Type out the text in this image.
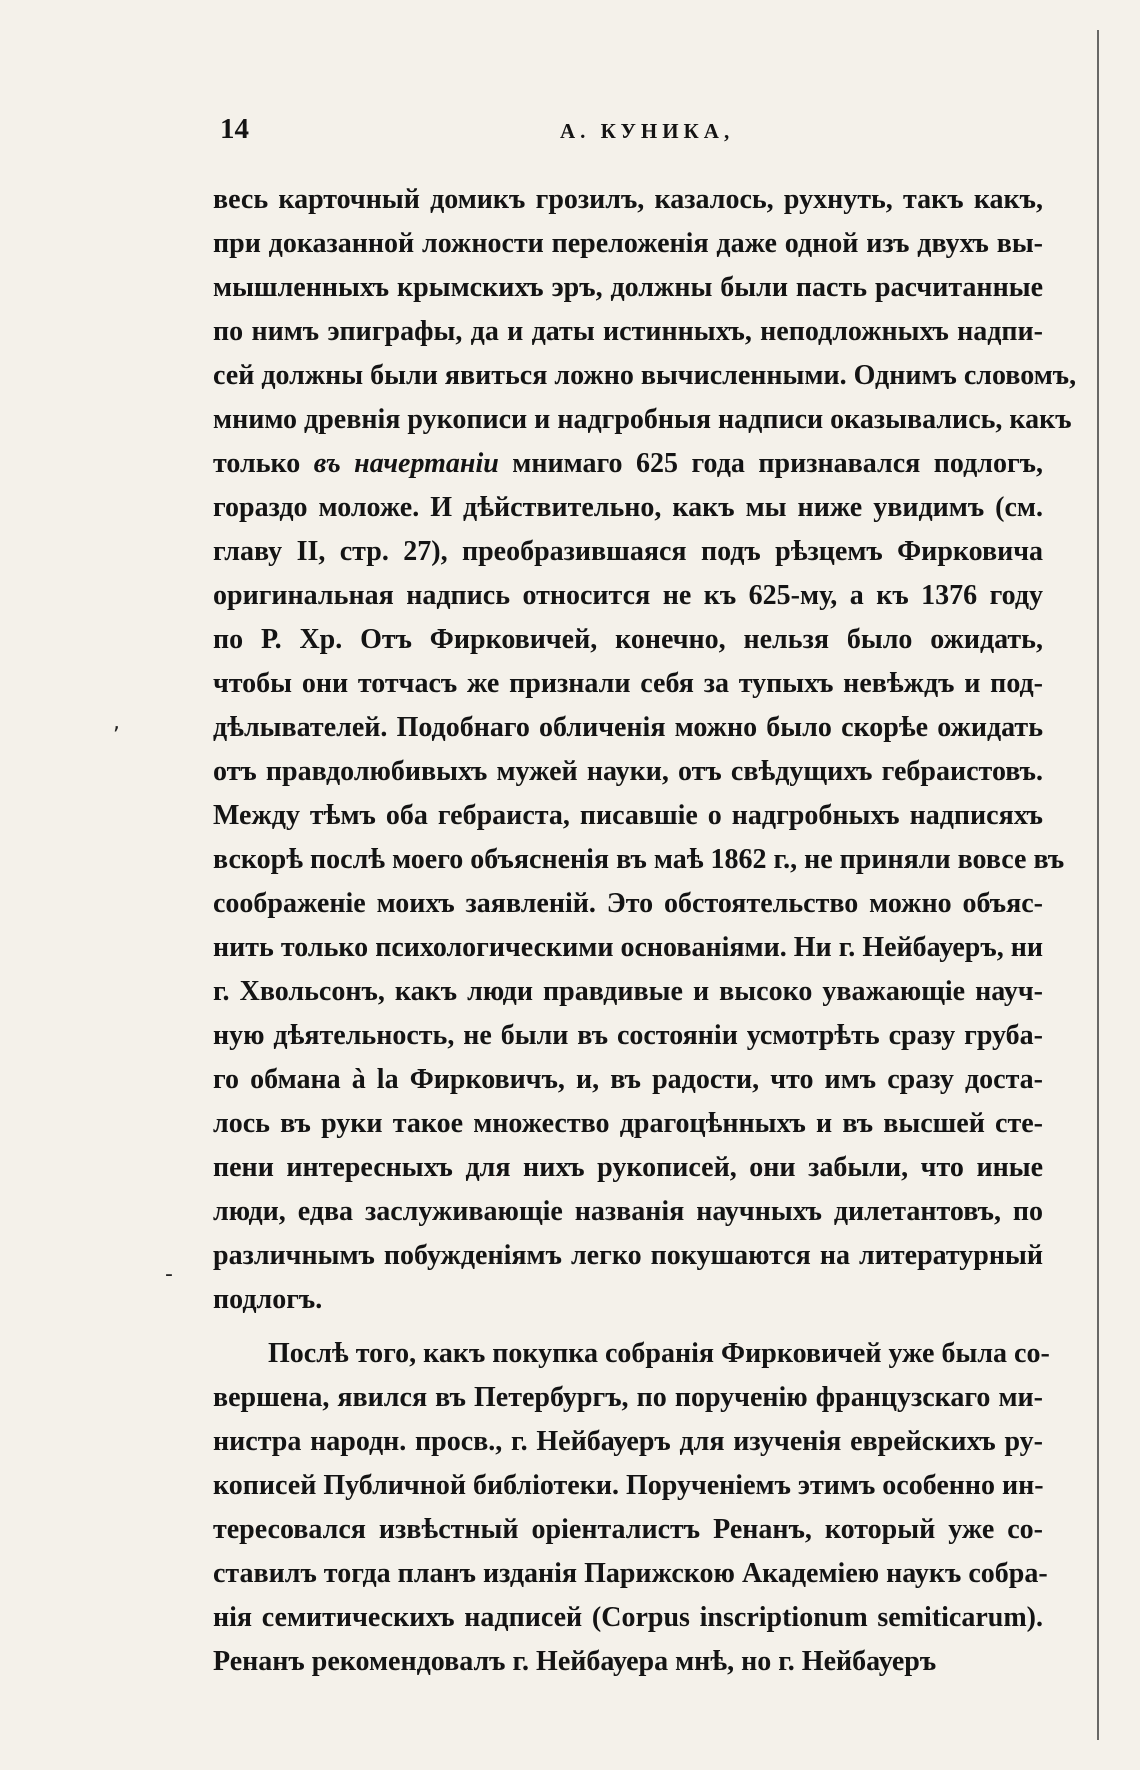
,
-
14	А. КУНИКА,
весь карточный домикъ грозилъ, казалось, рухнуть, такъ какъ,
при доказанной ложности переложенія даже одной изъ двухъ вы-
мышленныхъ крымскихъ эръ, должны были пасть расчитанные
по нимъ эпиграфы, да и даты истинныхъ, неподложныхъ надпи-
сей должны были явиться ложно вычисленными. Однимъ словомъ,
мнимо древнія рукописи и надгробныя надписи оказывались, какъ
только въ начертаніи мнимаго 625 года признавался подлогъ,
гораздо моложе. И дѣйствительно, какъ мы ниже увидимъ (см.
главу II, стр. 27), преобразившаяся подъ рѣзцемъ Фирковича
оригинальная надпись относится не къ 625-му, а къ 1376 году
по Р. Хр. Отъ Фирковичей, конечно, нельзя было ожидать,
чтобы они тотчасъ же признали себя за тупыхъ невѣждъ и под-
дѣлывателей. Подобнаго обличенія можно было скорѣе ожидать
отъ правдолюбивыхъ мужей науки, отъ свѣдущихъ гебраистовъ.
Между тѣмъ оба гебраиста, писавшіе о надгробныхъ надписяхъ
вскорѣ послѣ моего объясненія въ маѣ 1862 г., не приняли вовсе въ
соображеніе моихъ заявленій. Это обстоятельство можно объяс-
нить только психологическими основаніями. Ни г. Нейбауеръ, ни
г. Хвольсонъ, какъ люди правдивые и высоко уважающіе науч-
ную дѣятельность, не были въ состояніи усмотрѣть сразу груба-
го обмана à la Фирковичъ, и, въ радости, что имъ сразу доста-
лось въ руки такое множество драгоцѣнныхъ и въ высшей сте-
пени интересныхъ для нихъ рукописей, они забыли, что иные
люди, едва заслуживающіе названія научныхъ дилетантовъ, по
различнымъ побужденіямъ легко покушаются на литературный
подлогъ.
Послѣ того, какъ покупка собранія Фирковичей уже была со-
вершена, явился въ Петербургъ, по порученію французскаго ми-
нистра народн. просв., г. Нейбауеръ для изученія еврейскихъ ру-
кописей Публичной библіотеки. Порученіемъ этимъ особенно ин-
тересовался извѣстный оріенталистъ Ренанъ, который уже со-
ставилъ тогда планъ изданія Парижскою Академіею наукъ собра-
нія семитическихъ надписей (Corpus inscriptionum semiticarum).
Ренанъ рекомендовалъ г. Нейбауера мнѣ, но г. Нейбауеръ
